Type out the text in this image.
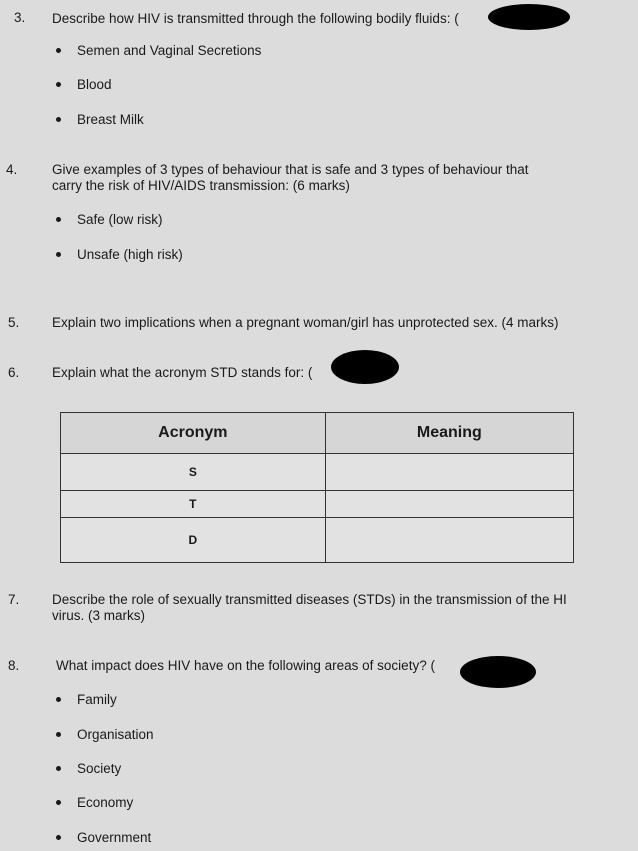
3. Describe how HIV is transmitted through the following bodily fluids: (
Semen and Vaginal Secretions
Blood
Breast Milk
4.	Give examples of 3 types of behaviour that is safe and 3 types of behaviour that
carry the risk of HIV/AIDS transmission: (6 marks)
Safe (low risk)
Unsafe (high risk)
5. Explain two implications when a pregnant woman/girl has unprotected sex. (4 marks)
6. Explain what the acronym STD stands for: (
Acronym	Meaning
S	
T	
D	
7. Describe the role of sexually transmitted diseases (STDs) in the transmission of the HI
virus. (3 marks)
8.	What impact does HIV have on the following areas of society? (
Family
Organisation
Society
Economy
Government
